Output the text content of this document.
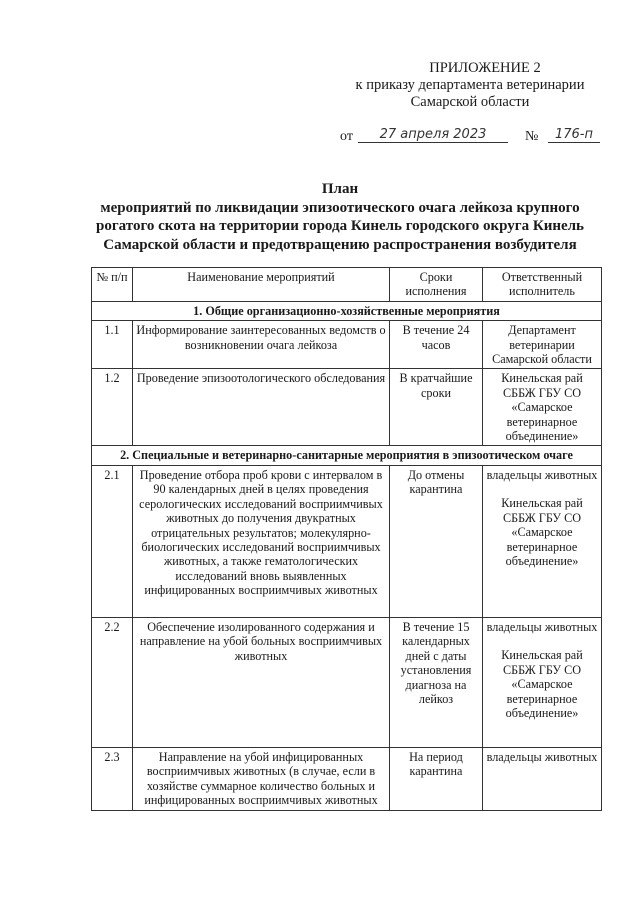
ПРИЛОЖЕНИЕ 2
к приказу департамента ветеринарии
Самарской области
от	27 апреля 2023	№	176-п
План
мероприятий по ликвидации эпизоотического очага лейкоза крупного
рогатого скота на территории города Кинель городского округа Кинель
Самарской области и предотвращению распространения возбудителя
№ п/п	Наименование мероприятий	Сроки исполнения	Ответственный исполнитель
1. Общие организационно-хозяйственные мероприятия			
1.1	Информирование заинтересованных ведомств о возникновении очага лейкоза	В течение 24 часов	Департамент ветеринарии Самарской области
1.2	Проведение эпизоотологического обследования	В кратчайшие сроки	Кинельская рай СББЖ ГБУ СО «Самарское ветеринарное объединение»
2. Специальные и ветеринарно-санитарные мероприятия в эпизоотическом очаге			
2.1	Проведение отбора проб крови с интервалом в 90 календарных дней в целях проведения серологических исследований восприимчивых животных до получения двукратных отрицательных результатов; молекулярно-биологических исследований восприимчивых животных, а также гематологических исследований вновь выявленных инфицированных восприимчивых животных	До отмены карантина	владельцы животных
Кинельская рай СББЖ ГБУ СО «Самарское ветеринарное объединение»

2.2	Обеспечение изолированного содержания и направление на убой больных восприимчивых животных	В течение 15 календарных дней с даты установления диагноза на лейкоз	владельцы животных
Кинельская рай СББЖ ГБУ СО «Самарское ветеринарное объединение»

2.3	Направление на убой инфицированных восприимчивых животных (в случае, если в хозяйстве суммарное количество больных и инфицированных восприимчивых животных	На период карантина	владельцы животных
